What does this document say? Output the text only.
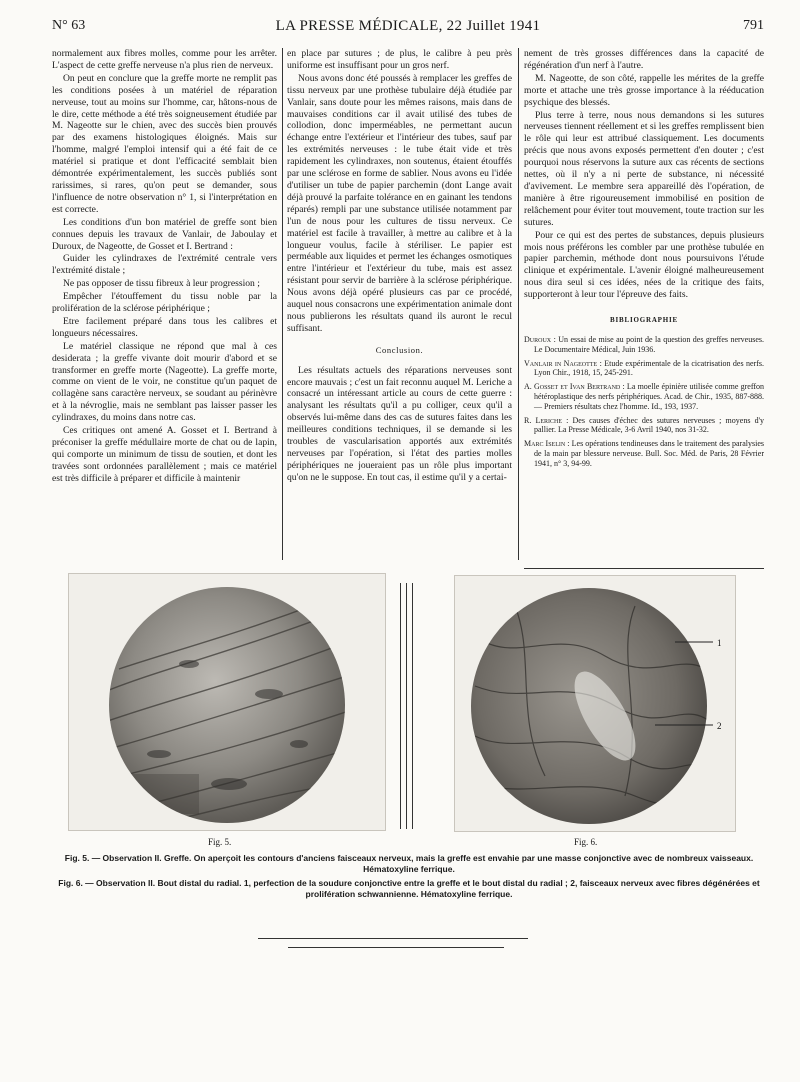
N° 63	LA PRESSE MÉDICALE, 22 Juillet 1941	791

normalement aux fibres molles, comme pour les arrêter. L'aspect de cette greffe nerveuse n'a plus rien de nerveux.

On peut en conclure que la greffe morte ne remplit pas les conditions posées à un matériel de réparation nerveuse, tout au moins sur l'homme, car, hâtons-nous de le dire, cette méthode a été très soigneusement étudiée par M. Nageotte sur le chien, avec des succès bien prouvés par des examens histologiques éloignés. Mais sur l'homme, malgré l'emploi intensif qui a été fait de ce matériel si pratique et dont l'efficacité semblait bien démontrée expérimentalement, les succès publiés sont rarissimes, si rares, qu'on peut se demander, sous l'influence de notre observation n° 1, si l'interprétation en est correcte.

Les conditions d'un bon matériel de greffe sont bien connues depuis les travaux de Vanlair, de Jaboulay et Duroux, de Nageotte, de Gosset et I. Bertrand :

Guider les cylindraxes de l'extrémité centrale vers l'extrémité distale ;

Ne pas opposer de tissu fibreux à leur progression ;

Empêcher l'étouffement du tissu noble par la prolifération de la sclérose périphérique ;

Etre facilement préparé dans tous les calibres et longueurs nécessaires.

Le matériel classique ne répond que mal à ces desiderata ; la greffe vivante doit mourir d'abord et se transformer en greffe morte (Nageotte). La greffe morte, comme on vient de le voir, ne constitue qu'un paquet de collagène sans caractère nerveux, se soudant au périnèvre et à la névroglie, mais ne semblant pas laisser passer les cylindraxes, du moins dans notre cas.

Ces critiques ont amené A. Gosset et I. Bertrand à préconiser la greffe médullaire morte de chat ou de lapin, qui comporte un minimum de tissu de soutien, et dont les travées sont ordonnées parallèlement ; mais ce matériel est très difficile à préparer et difficile à maintenir

en place par sutures ; de plus, le calibre à peu près uniforme est insuffisant pour un gros nerf.

Nous avons donc été poussés à remplacer les greffes de tissu nerveux par une prothèse tubulaire déjà étudiée par Vanlair, sans doute pour les mêmes raisons, mais dans de mauvaises conditions car il avait utilisé des tubes de collodion, donc imperméables, ne permettant aucun échange entre l'extérieur et l'intérieur des tubes, sauf par les extrémités nerveuses : le tube était vide et très rapidement les cylindraxes, non soutenus, étaient étouffés par une sclérose en forme de sablier. Nous avons eu l'idée d'utiliser un tube de papier parchemin (dont Lange avait déjà prouvé la parfaite tolérance en en gainant les tendons réparés) rempli par une substance utilisée notamment par l'un de nous pour les cultures de tissu nerveux. Ce matériel est facile à travailler, à mettre au calibre et à la longueur voulus, facile à stériliser. Le papier est perméable aux liquides et permet les échanges osmotiques entre l'intérieur et l'extérieur du tube, mais est assez résistant pour servir de barrière à la sclérose périphérique. Nous avons déjà opéré plusieurs cas par ce procédé, auquel nous consacrons une expérimentation animale dont nous publierons les résultats quand ils auront le recul suffisant.

Conclusion.

Les résultats actuels des réparations nerveuses sont encore mauvais ; c'est un fait reconnu auquel M. Leriche a consacré un intéressant article au cours de cette guerre : analysant les résultats qu'il a pu colliger, ceux qu'il a observés lui-même dans des cas de sutures faites dans les meilleures conditions techniques, il se demande si les troubles de vascularisation apportés aux extrémités nerveuses par l'opération, si l'état des parties molles périphériques ne joueraient pas un rôle plus important qu'on ne le suppose. En tout cas, il estime qu'il y a certai-

nement de très grosses différences dans la capacité de régénération d'un nerf à l'autre.

M. Nageotte, de son côté, rappelle les mérites de la greffe morte et attache une très grosse importance à la rééducation psychique des blessés.

Plus terre à terre, nous nous demandons si les sutures nerveuses tiennent réellement et si les greffes remplissent bien le rôle qui leur est attribué classiquement. Les documents précis que nous avons exposés permettent d'en douter ; c'est pourquoi nous réservons la suture aux cas récents de sections nettes, où il n'y a ni perte de substance, ni nécessité d'avivement. Le membre sera appareillé dès l'opération, de manière à être rigoureusement immobilisé en position de relâchement pour éviter tout mouvement, toute traction sur les sutures.

Pour ce qui est des pertes de substances, depuis plusieurs mois nous préférons les combler par une prothèse tubulée en papier parchemin, méthode dont nous poursuivons l'étude clinique et expérimentale. L'avenir éloigné malheureusement nous dira seul si ces idées, nées de la critique des faits, supporteront à leur tour l'épreuve des faits.

BIBLIOGRAPHIE
Duroux : Un essai de mise au point de la question des greffes nerveuses. Le Documentaire Médical, Juin 1936.
Vanlair in Nageotte : Etude expérimentale de la cicatrisation des nerfs. Lyon Chir., 1918, 15, 245-291.
A. Gosset et Ivan Bertrand : La moelle épinière utilisée comme greffon hétéroplastique des nerfs périphériques. Acad. de Chir., 1935, 887-888. — Premiers résultats chez l'homme. Id., 193, 1937.
R. Leriche : Des causes d'échec des sutures nerveuses ; moyens d'y pallier. La Presse Médicale, 3-6 Avril 1940, nos 31-32.
Marc Iselin : Les opérations tendineuses dans le traitement des paralysies de la main par blessure nerveuse. Bull. Soc. Méd. de Paris, 28 Février 1941, n° 3, 94-99.
1
2
Fig. 5.	Fig. 6.
Fig. 5. — Observation II. Greffe. On aperçoit les contours d'anciens faisceaux nerveux, mais la greffe est envahie par une masse conjonctive avec de nombreux vaisseaux. Hématoxyline ferrique.
Fig. 6. — Observation II. Bout distal du radial. 1, perfection de la soudure conjonctive entre la greffe et le bout distal du radial ; 2, faisceaux nerveux avec fibres dégénérées et prolifération schwannienne. Hématoxyline ferrique.
